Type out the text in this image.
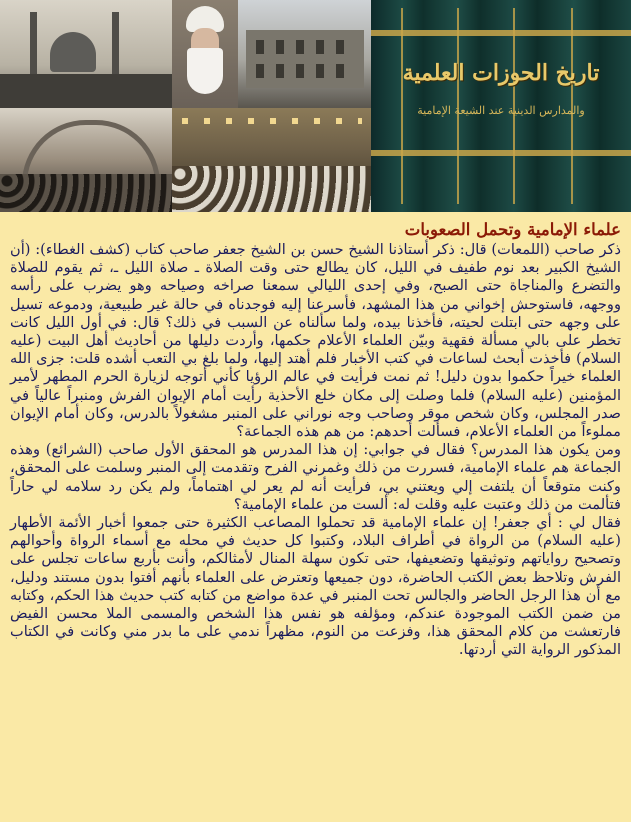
تاريخ الحوزات العلمية
والمدارس الدينية عند الشيعة الإمامية
علماء الإمامية وتحمل الصعوبات

ذكر صاحب (اللمعات) قال: ذكر أستاذنا الشيخ حسن بن الشيخ جعفر صاحب كتاب (كشف الغطاء): (أن الشيخ الكبير بعد نوم طفيف في الليل، كان يطالع حتى وقت الصلاة ـ صلاة الليل ـ، ثم يقوم للصلاة والتضرع والمناجاة حتى الصبح، وفي إحدى الليالي سمعنا صراخه وصياحه وهو يضرب على رأسه ووجهه، فاستوحش إخواني من هذا المشهد، فأسرعنا إليه فوجدناه في حالة غير طبيعية، ودموعه تسيل على وجهه حتى ابتلت لحيته، فأخذنا بيده، ولما سألناه عن السبب في ذلك؟ قال: في أول الليل كانت تخطر على بالي مسألة فقهية وبيّن العلماء الأعلام حكمها، وأردت دليلها من أحاديث أهل البيت (عليه السلام) فأخذت أبحث لساعات في كتب الأخبار فلم أهتد إليها، ولما بلغ بي التعب أشده قلت: جزى الله العلماء خيراً حكموا بدون دليل! ثم نمت فرأيت في عالم الرؤيا كأني أتوجه لزيارة الحرم المطهر لأمير المؤمنين (عليه السلام) فلما وصلت إلى مكان خلع الأحذية رأيت أمام الإيوان الفرش ومنبراً عالياً في صدر المجلس، وكان شخص موقر وصاحب وجه نوراني على المنبر مشغولاً بالدرس، وكان أمام الإيوان مملوءاً من العلماء الأعلام، فسألت أحدهم: من هم هذه الجماعة؟

ومن يكون هذا المدرس؟ فقال في جوابي: إن هذا المدرس هو المحقق الأول صاحب (الشرائع) وهذه الجماعة هم علماء الإمامية، فسررت من ذلك وغمرني الفرح وتقدمت إلى المنبر وسلمت على المحقق، وكنت متوقعاً أن يلتفت إلي ويعتني بي، فرأيت أنه لم يعر لي اهتماماً، ولم يكن رد سلامه لي حاراً فتألمت من ذلك وعتبت عليه وقلت له: ألست من علماء الإمامية؟

فقال لي : أي جعفر! إن علماء الإمامية قد تحملوا المصاعب الكثيرة حتى جمعوا أخبار الأئمة الأطهار (عليه السلام) من الرواة في أطراف البلاد، وكتبوا كل حديث في محله مع أسماء الرواة وأحوالهم وتصحيح رواياتهم وتوثيقها وتضعيفها، حتى تكون سهلة المنال لأمثالكم، وأنت بأربع ساعات تجلس على الفرش وتلاحظ بعض الكتب الحاضرة، دون جميعها وتعترض على العلماء بأنهم أفتوا بدون مستند ودليل، مع أن هذا الرجل الحاضر والجالس تحت المنبر في عدة مواضع من كتابه كتب حديث هذا الحكم، وكتابه من ضمن الكتب الموجودة عندكم، ومؤلفه هو نفس هذا الشخص والمسمى الملا محسن الفيض فارتعشت من كلام المحقق هذا، وفزعت من النوم، مظهراً ندمي على ما بدر مني وكانت في الكتاب المذكور الرواية التي أردتها.
